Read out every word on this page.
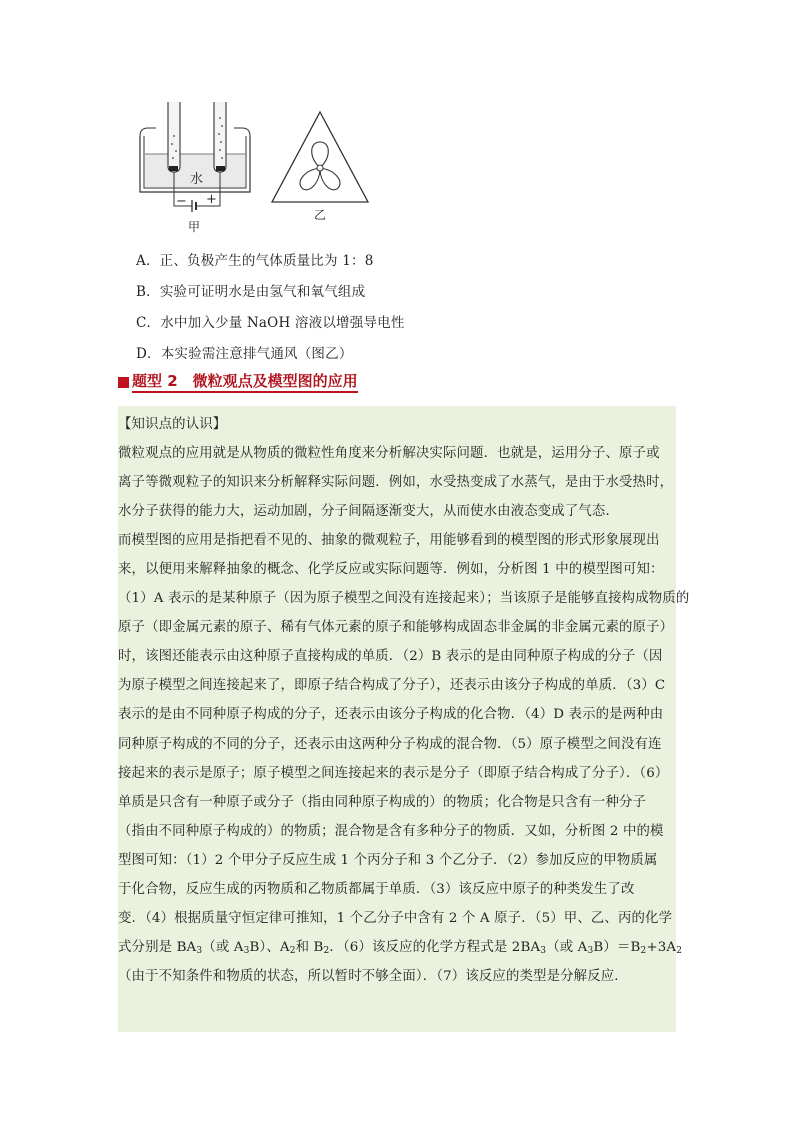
水
− +
甲
乙
A．正、负极产生的气体质量比为 1：8
B．实验可证明水是由氢气和氧气组成
C．水中加入少量 NaOH 溶液以增强导电性
D．本实验需注意排气通风（图乙）
题型 2　微粒观点及模型图的应用
【知识点的认识】
微粒观点的应用就是从物质的微粒性角度来分析解决实际问题．也就是，运用分子、原子或
离子等微观粒子的知识来分析解释实际问题．例如，水受热变成了水蒸气，是由于水受热时，
水分子获得的能力大，运动加剧，分子间隔逐渐变大，从而使水由液态变成了气态．
而模型图的应用是指把看不见的、抽象的微观粒子，用能够看到的模型图的形式形象展现出
来，以便用来解释抽象的概念、化学反应或实际问题等．例如，分析图 1 中的模型图可知：
（1）A 表示的是某种原子（因为原子模型之间没有连接起来）；当该原子是能够直接构成物质的
原子（即金属元素的原子、稀有气体元素的原子和能够构成固态非金属的非金属元素的原子）
时，该图还能表示由这种原子直接构成的单质．（2）B 表示的是由同种原子构成的分子（因
为原子模型之间连接起来了，即原子结合构成了分子），还表示由该分子构成的单质．（3）C
表示的是由不同种原子构成的分子，还表示由该分子构成的化合物．（4）D 表示的是两种由
同种原子构成的不同的分子，还表示由这两种分子构成的混合物．（5）原子模型之间没有连
接起来的表示是原子；原子模型之间连接起来的表示是分子（即原子结合构成了分子）．（6）
单质是只含有一种原子或分子（指由同种原子构成的）的物质；化合物是只含有一种分子
（指由不同种原子构成的）的物质；混合物是含有多种分子的物质．又如，分析图 2 中的模
型图可知：（1）2 个甲分子反应生成 1 个丙分子和 3 个乙分子．（2）参加反应的甲物质属
于化合物，反应生成的丙物质和乙物质都属于单质．（3）该反应中原子的种类发生了改
变．（4）根据质量守恒定律可推知，1 个乙分子中含有 2 个 A 原子．（5）甲、乙、丙的化学
式分别是 $BA_3$（或 $A_3B$）、$A_2$和 $B_2$．（6）该反应的化学方程式是 $2BA_3$（或 $A_3B)=B_2+3A_2$
（由于不知条件和物质的状态，所以暂时不够全面）．（7）该反应的类型是分解反应．
